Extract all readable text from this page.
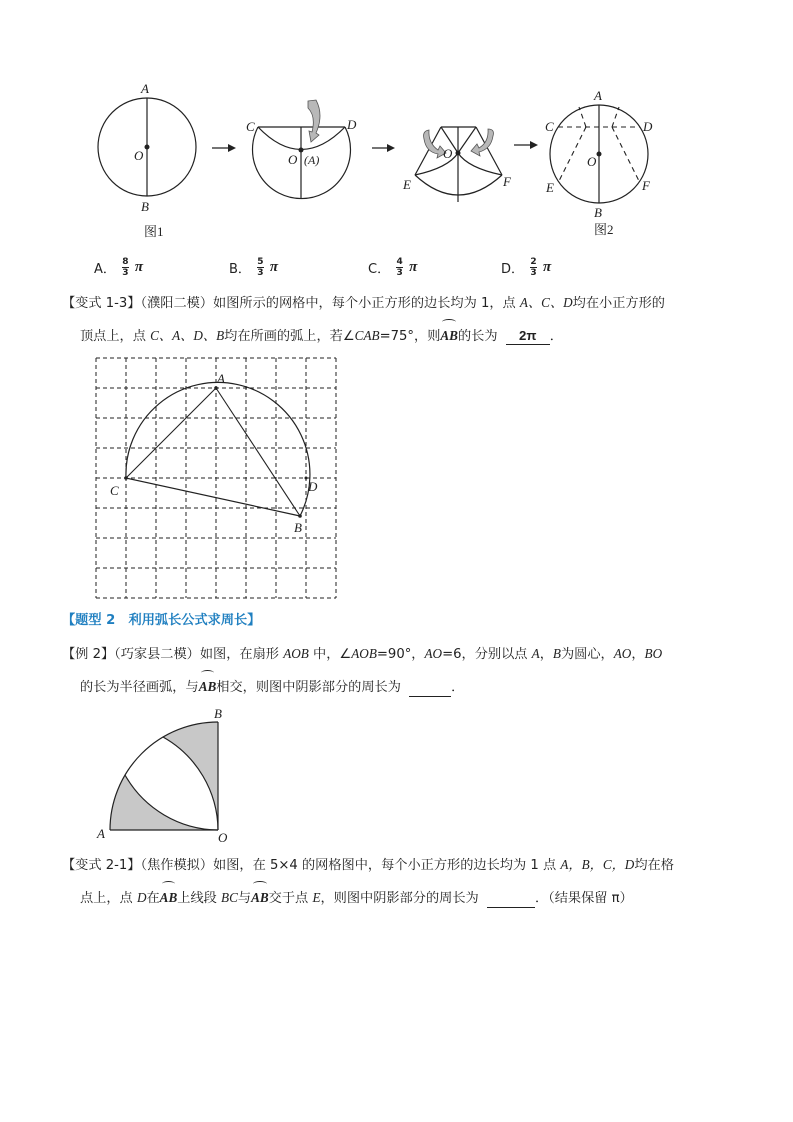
A
O
B
图1
C	D
O (A)
E
O
F
A
C	D
O
E	F
B
图2
A． $\frac{8}{3}$ π	B． $\frac{5}{3}$ π	C． $\frac{4}{3}$ π	D． $\frac{2}{3}$ π
【变式 1-3】（濮阳二模）如图所示的网格中，每个小正方形的边长均为 1，点 A、C、D均在小正方形的
顶点上，点 C、A、D、B均在所画的弧上，若∠CAB=75°，则AB的长为 2π ．
A
C	D
B
【题型 2　利用弧长公式求周长】
【例 2】（巧家县二模）如图，在扇形 AOB 中，∠AOB=90°，AO=6，分别以点 A，B为圆心，AO，BO
的长为半径画弧，与AB相交，则图中阴影部分的周长为	．
B
A	O
【变式 2-1】（焦作模拟）如图，在 5×4 的网格图中，每个小正方形的边长均为 1 点 A，B，C，D均在格
点上，点 D在AB上线段 BC与AB交于点 E，则图中阴影部分的周长为	．（结果保留 π）
